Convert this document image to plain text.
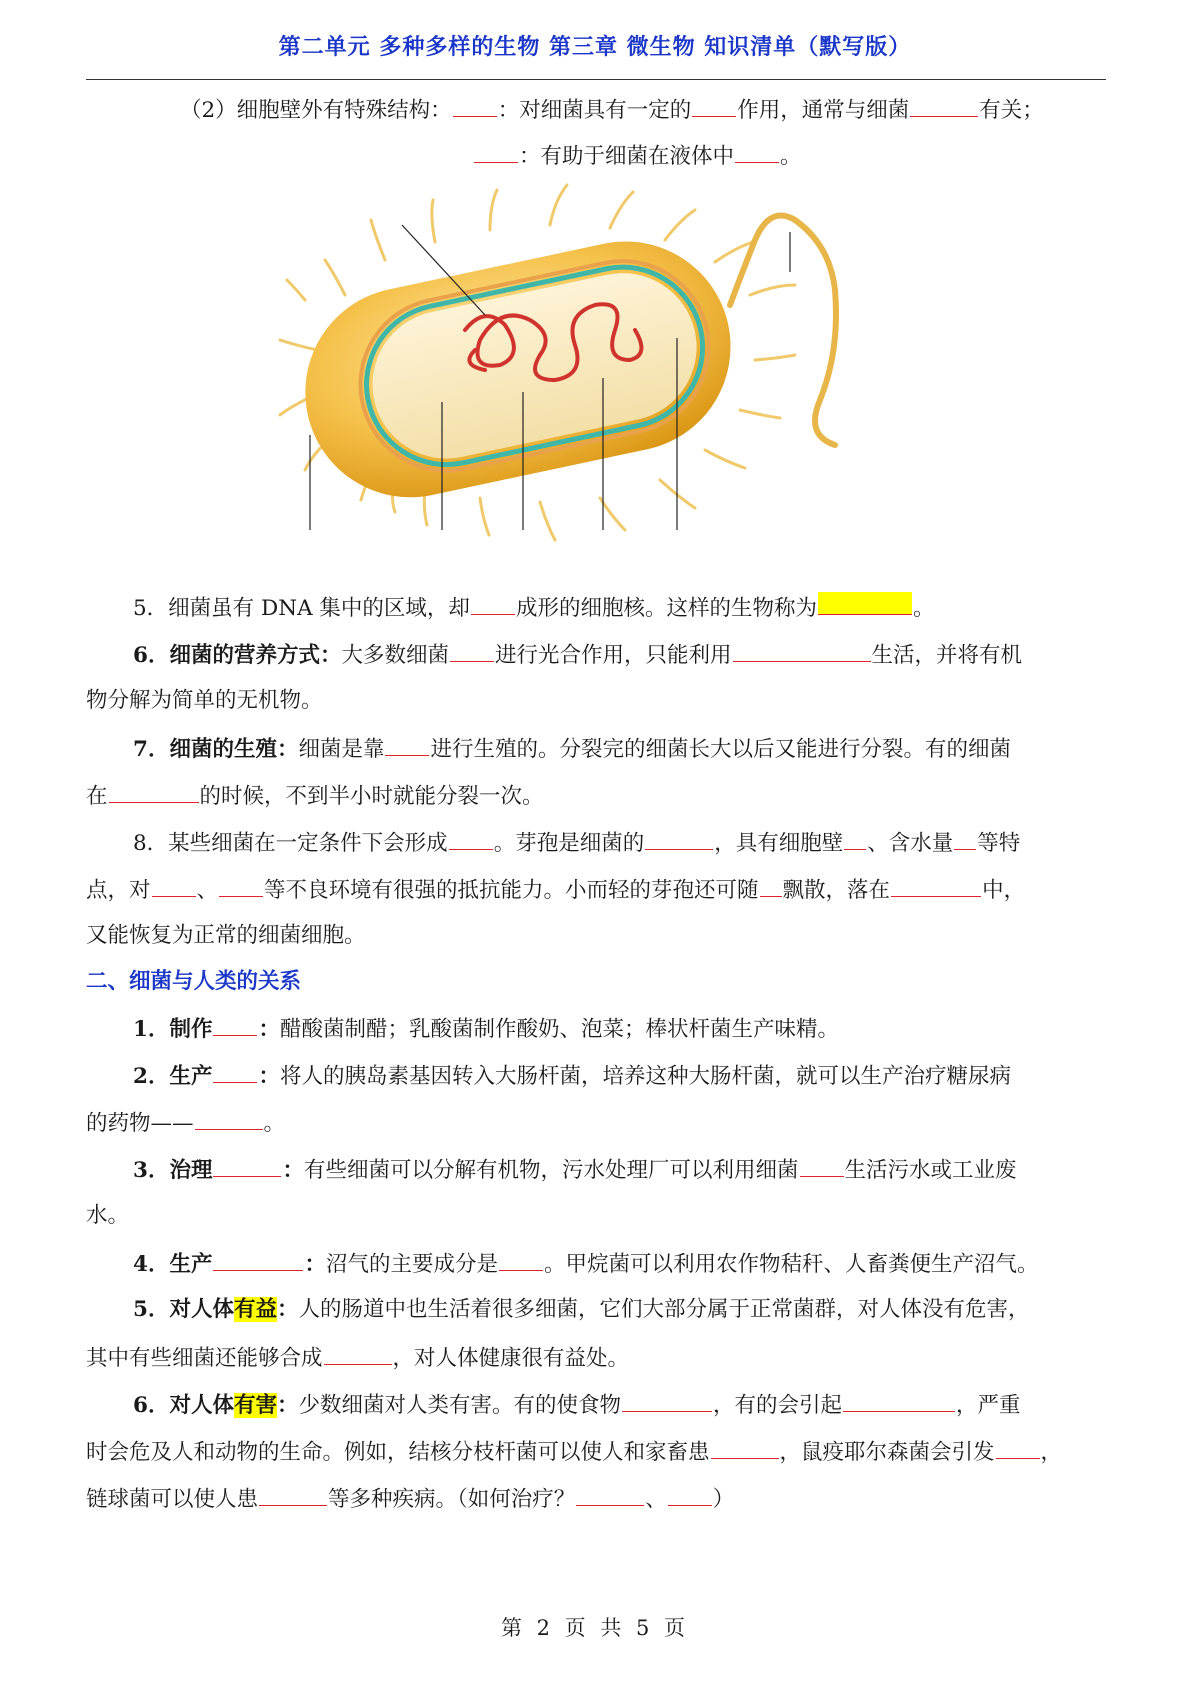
第二单元 多种多样的生物 第三章 微生物 知识清单（默写版）
（2）细胞壁外有特殊结构： ：对细菌具有一定的 作用，通常与细菌	有关；
：有助于细菌在液体中 。
5．细菌虽有 DNA 集中的区域，却 成形的细胞核。这样的生物称为	。
6．细菌的营养方式：大多数细菌 进行光合作用，只能利用	生活，并将有机
物分解为简单的无机物。
7．细菌的生殖：细菌是靠 进行生殖的。分裂完的细菌长大以后又能进行分裂。有的细菌
在	的时候，不到半小时就能分裂一次。
8．某些细菌在一定条件下会形成 。芽孢是细菌的	，具有细胞壁 、含水量 等特
点，对 、 等不良环境有很强的抵抗能力。小而轻的芽孢还可随 飘散，落在	中，
又能恢复为正常的细菌细胞。
二、细菌与人类的关系
1．制作 ：醋酸菌制醋；乳酸菌制作酸奶、泡菜；棒状杆菌生产味精。
2．生产 ：将人的胰岛素基因转入大肠杆菌，培养这种大肠杆菌，就可以生产治疗糖尿病
的药物——	。
3．治理	：有些细菌可以分解有机物，污水处理厂可以利用细菌 生活污水或工业废
水。
4．生产	：沼气的主要成分是 。甲烷菌可以利用农作物秸秆、人畜粪便生产沼气。
5．对人体有益：人的肠道中也生活着很多细菌，它们大部分属于正常菌群，对人体没有危害，
其中有些细菌还能够合成	，对人体健康很有益处。
6．对人体有害：少数细菌对人类有害。有的使食物	，有的会引起	，严重
时会危及人和动物的生命。例如，结核分枝杆菌可以使人和家畜患	，鼠疫耶尔森菌会引发 ，
链球菌可以使人患	等多种疾病。（如何治疗？	、 ）
第 2 页 共 5 页
